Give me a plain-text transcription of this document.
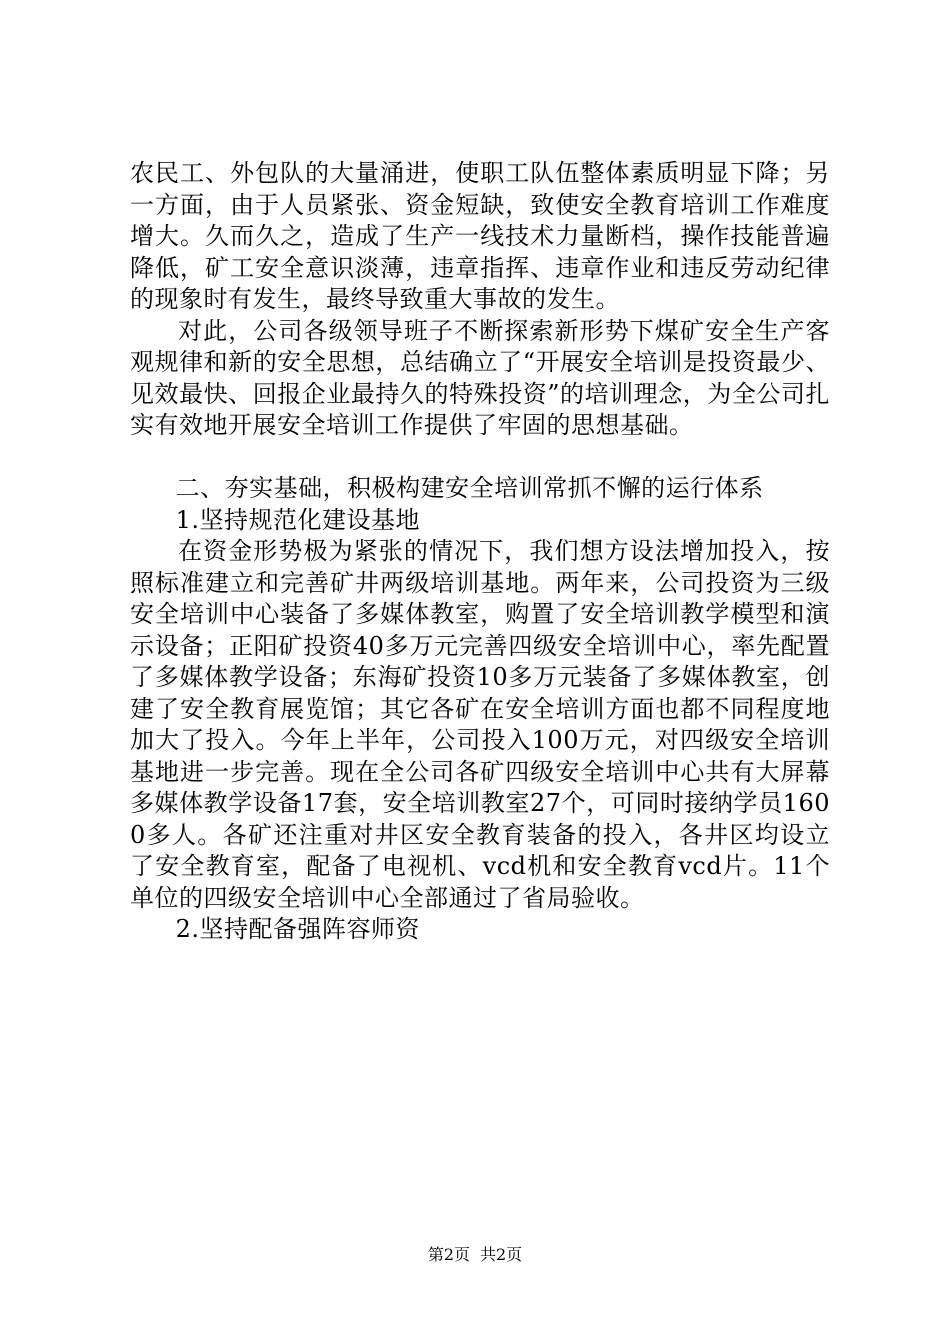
农民工、外包队的大量涌进，使职工队伍整体素质明显下降；另一方面，由于人员紧张、资金短缺，致使安全教育培训工作难度增大。久而久之，造成了生产一线技术力量断档，操作技能普遍降低，矿工安全意识淡薄，违章指挥、违章作业和违反劳动纪律的现象时有发生，最终导致重大事故的发生。

对此，公司各级领导班子不断探索新形势下煤矿安全生产客观规律和新的安全思想，总结确立了“开展安全培训是投资最少、见效最快、回报企业最持久的特殊投资”的培训理念，为全公司扎实有效地开展安全培训工作提供了牢固的思想基础。

二、夯实基础，积极构建安全培训常抓不懈的运行体系

1.坚持规范化建设基地

在资金形势极为紧张的情况下，我们想方设法增加投入，按照标准建立和完善矿井两级培训基地。两年来，公司投资为三级安全培训中心装备了多媒体教室，购置了安全培训教学模型和演示设备；正阳矿投资40多万元完善四级安全培训中心，率先配置了多媒体教学设备；东海矿投资10多万元装备了多媒体教室，创建了安全教育展览馆；其它各矿在安全培训方面也都不同程度地加大了投入。今年上半年，公司投入100万元，对四级安全培训基地进一步完善。现在全公司各矿四级安全培训中心共有大屏幕多媒体教学设备17套，安全培训教室27个，可同时接纳学员1600多人。各矿还注重对井区安全教育装备的投入，各井区均设立了安全教育室，配备了电视机、vcd机和安全教育vcd片。11个单位的四级安全培训中心全部通过了省局验收。

2.坚持配备强阵容师资

第2页 共2页
